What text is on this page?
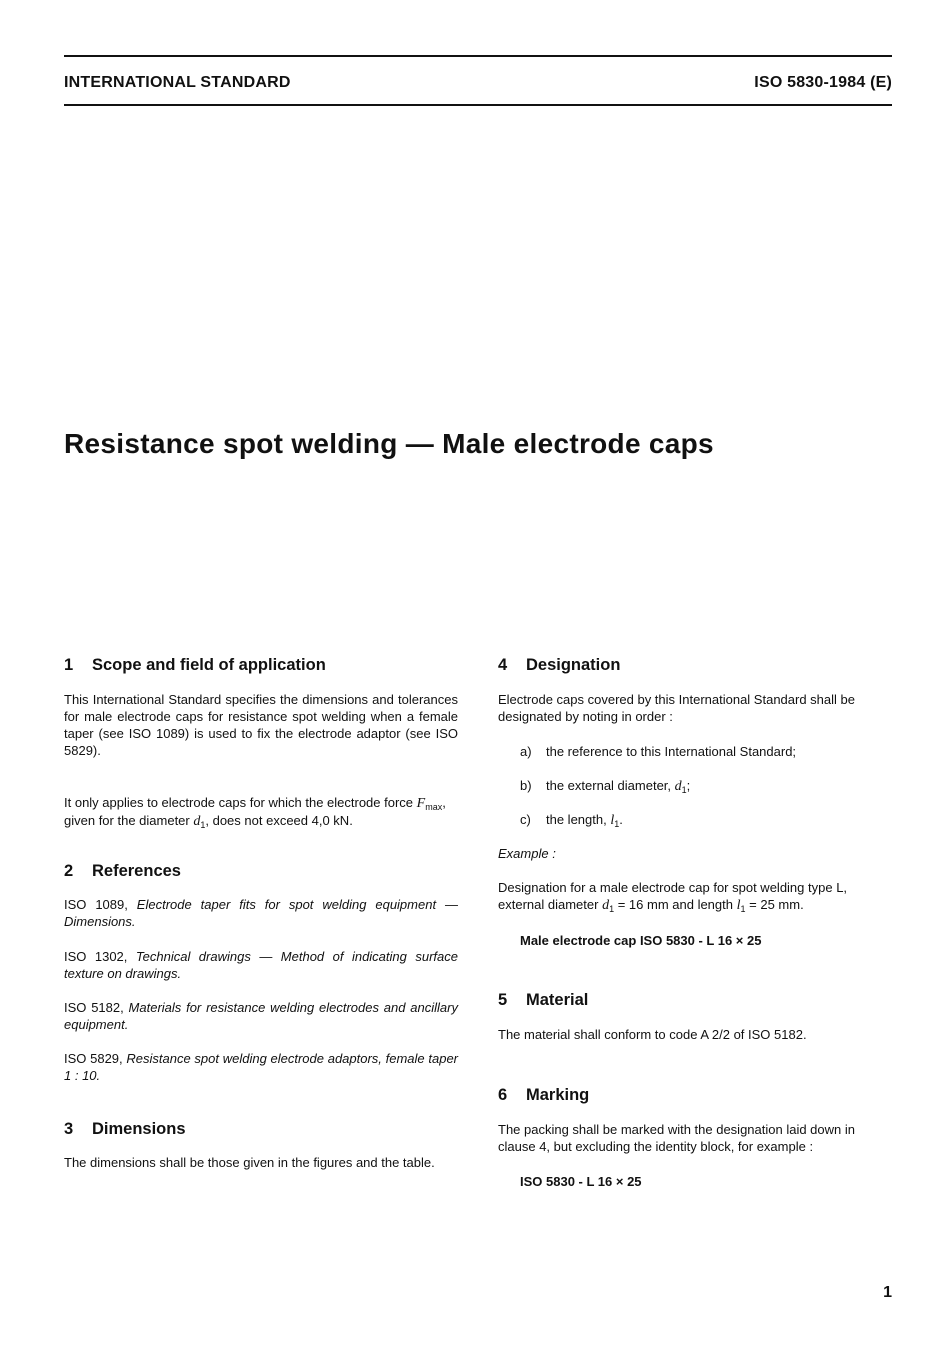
INTERNATIONAL STANDARD	ISO 5830-1984 (E)
Resistance spot welding — Male electrode caps
1 Scope and field of application

This International Standard specifies the dimensions and tolerances for male electrode caps for resistance spot welding when a female taper (see ISO 1089) is used to fix the electrode adaptor (see ISO 5829).

It only applies to electrode caps for which the electrode force $F_{max}$, given for the diameter $d_1$, does not exceed 4,0 kN.

2 References

ISO 1089, Electrode taper fits for spot welding equipment — Dimensions.

ISO 1302, Technical drawings — Method of indicating surface texture on drawings.

ISO 5182, Materials for resistance welding electrodes and ancillary equipment.

ISO 5829, Resistance spot welding electrode adaptors, female taper 1 : 10.

3 Dimensions

The dimensions shall be those given in the figures and the table.

4 Designation

Electrode caps covered by this International Standard shall be designated by noting in order :

a) the reference to this International Standard;

b) the external diameter, $d_1$;

c) the length, $l_1$.

Example :

Designation for a male electrode cap for spot welding type L, external diameter $d_1 = 16$ mm and length $l_1 = 25$ mm.

Male electrode cap ISO 5830 - L 16 × 25

5 Material

The material shall conform to code A 2/2 of ISO 5182.

6 Marking

The packing shall be marked with the designation laid down in clause 4, but excluding the identity block, for example :

ISO 5830 - L 16 × 25

1
